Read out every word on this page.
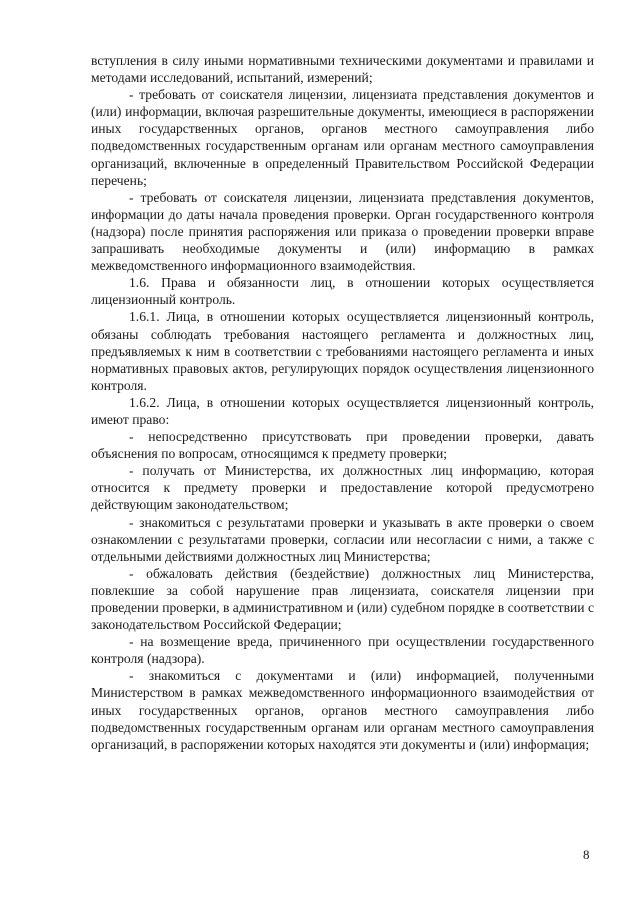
вступления в силу иными нормативными техническими документами и правилами и методами исследований, испытаний, измерений;

- требовать от соискателя лицензии, лицензиата представления документов и (или) информации, включая разрешительные документы, имеющиеся в распоряжении иных государственных органов, органов местного самоуправления либо подведомственных государственным органам или органам местного самоуправления организаций, включенные в определенный Правительством Российской Федерации перечень;

- требовать от соискателя лицензии, лицензиата представления документов, информации до даты начала проведения проверки. Орган государственного контроля (надзора) после принятия распоряжения или приказа о проведении проверки вправе запрашивать необходимые документы и (или) информацию в рамках межведомственного информационного взаимодействия.

1.6. Права и обязанности лиц, в отношении которых осуществляется лицензионный контроль.

1.6.1. Лица, в отношении которых осуществляется лицензионный контроль, обязаны соблюдать требования настоящего регламента и должностных лиц, предъявляемых к ним в соответствии с требованиями настоящего регламента и иных нормативных правовых актов, регулирующих порядок осуществления лицензионного контроля.

1.6.2. Лица, в отношении которых осуществляется лицензионный контроль, имеют право:

- непосредственно присутствовать при проведении проверки, давать объяснения по вопросам, относящимся к предмету проверки;

- получать от Министерства, их должностных лиц информацию, которая относится к предмету проверки и предоставление которой предусмотрено действующим законодательством;

- знакомиться с результатами проверки и указывать в акте проверки о своем ознакомлении с результатами проверки, согласии или несогласии с ними, а также с отдельными действиями должностных лиц Министерства;

- обжаловать действия (бездействие) должностных лиц Министерства, повлекшие за собой нарушение прав лицензиата, соискателя лицензии при проведении проверки, в административном и (или) судебном порядке в соответствии с законодательством Российской Федерации;

- на возмещение вреда, причиненного при осуществлении государственного контроля (надзора).

- знакомиться с документами и (или) информацией, полученными Министерством в рамках межведомственного информационного взаимодействия от иных государственных органов, органов местного самоуправления либо подведомственных государственным органам или органам местного самоуправления организаций, в распоряжении которых находятся эти документы и (или) информация;

8
